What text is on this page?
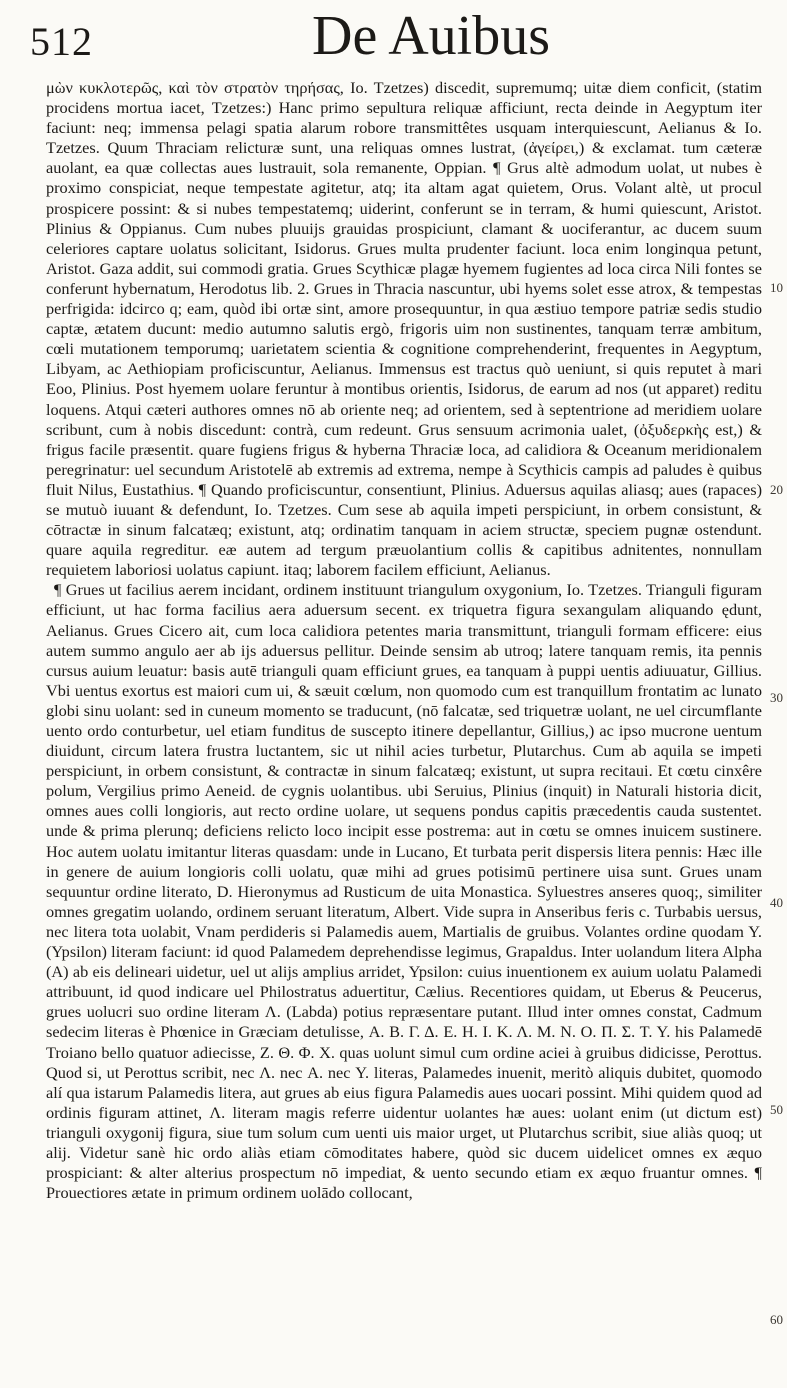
512	De Auibus

μὼν κυκλοτερῶς, καὶ τὸν στρατὸν τηρήσας, Io. Tzetzes) discedit, supremumq; uitæ diem conficit, (statim procidens mortua iacet, Tzetzes:) Hanc primo sepultura reliquæ afficiunt, recta deinde in Aegyptum iter faciunt: neq; immensa pelagi spatia alarum robore transmittêtes usquam interquiescunt, Aelianus & Io. Tzetzes. Quum Thraciam relicturæ sunt, una reliquas omnes lustrat, (ἀγείρει,) & exclamat. tum cæteræ auolant, ea quæ collectas aues lustrauit, sola remanente, Oppian. ¶ Grus altè admodum uolat, ut nubes è proximo conspiciat, neque tempestate agitetur, atq; ita altam agat quietem, Orus. Volant altè, ut procul prospicere possint: & si nubes tempestatemq; uiderint, conferunt se in terram, & humi quiescunt, Aristot. Plinius & Oppianus. Cum nubes pluuijs grauidas prospiciunt, clamant & uociferantur, ac ducem suum celeriores captare uolatus solicitant, Isidorus. Grues multa prudenter faciunt. loca enim longinqua petunt, Aristot. Gaza addit, sui commodi gratia. Grues Scythicæ plagæ hyemem fugientes ad loca circa Nili fontes se conferunt hybernatum, Herodotus lib. 2. Grues in Thracia nascuntur, ubi hyems solet esse atrox, & tempestas perfrigida: idcirco q; eam, quòd ibi ortæ sint, amore prosequuntur, in qua æstiuo tempore patriæ sedis studio captæ, ætatem ducunt: medio autumno salutis ergò, frigoris uim non sustinentes, tanquam terræ ambitum, cœli mutationem temporumq; uarietatem scientia & cognitione comprehenderint, frequentes in Aegyptum, Libyam, ac Aethiopiam proficiscuntur, Aelianus. Immensus est tractus quò ueniunt, si quis reputet à mari Eoo, Plinius. Post hyemem uolare feruntur à montibus orientis, Isidorus, de earum ad nos (ut apparet) reditu loquens. Atqui cæteri authores omnes nō ab oriente neq; ad orientem, sed à septentrione ad meridiem uolare scribunt, cum à nobis discedunt: contrà, cum redeunt. Grus sensuum acrimonia ualet, (ὀξυδερκὴς est,) & frigus facile præsentit. quare fugiens frigus & hyberna Thraciæ loca, ad calidiora & Oceanum meridionalem peregrinatur: uel secundum Aristotelē ab extremis ad extrema, nempe à Scythicis campis ad paludes è quibus fluit Nilus, Eustathius. ¶ Quando proficiscuntur, consentiunt, Plinius. Aduersus aquilas aliasq; aues (rapaces) se mutuò iuuant & defendunt, Io. Tzetzes. Cum sese ab aquila impeti perspiciunt, in orbem consistunt, & cōtractæ in sinum falcatæq; existunt, atq; ordinatim tanquam in aciem structæ, speciem pugnæ ostendunt. quare aquila regreditur. eæ autem ad tergum præuolantium collis & capitibus adnitentes, nonnullam requietem laboriosi uolatus capiunt. itaq; laborem facilem efficiunt, Aelianus.

¶ Grues ut facilius aerem incidant, ordinem instituunt triangulum oxygonium, Io. Tzetzes. Trianguli figuram efficiunt, ut hac forma facilius aera aduersum secent. ex triquetra figura sexangulam aliquando ędunt, Aelianus. Grues Cicero ait, cum loca calidiora petentes maria transmittunt, trianguli formam efficere: eius autem summo angulo aer ab ijs aduersus pellitur. Deinde sensim ab utroq; latere tanquam remis, ita pennis cursus auium leuatur: basis autē trianguli quam efficiunt grues, ea tanquam à puppi uentis adiuuatur, Gillius. Vbi uentus exortus est maiori cum ui, & sæuit cœlum, non quomodo cum est tranquillum frontatim ac lunato globi sinu uolant: sed in cuneum momento se traducunt, (nō falcatæ, sed triquetræ uolant, ne uel circumflante uento ordo conturbetur, uel etiam funditus de suscepto itinere depellantur, Gillius,) ac ipso mucrone uentum diuidunt, circum latera frustra luctantem, sic ut nihil acies turbetur, Plutarchus. Cum ab aquila se impeti perspiciunt, in orbem consistunt, & contractæ in sinum falcatæq; existunt, ut supra recitaui. Et cœtu cinxêre polum, Vergilius primo Aeneid. de cygnis uolantibus. ubi Seruius, Plinius (inquit) in Naturali historia dicit, omnes aues colli longioris, aut recto ordine uolare, ut sequens pondus capitis præcedentis cauda sustentet. unde & prima plerunq; deficiens relicto loco incipit esse postrema: aut in cœtu se omnes inuicem sustinere. Hoc autem uolatu imitantur literas quasdam: unde in Lucano, Et turbata perit dispersis litera pennis: Hæc ille in genere de auium longioris colli uolatu, quæ mihi ad grues potisimū pertinere uisa sunt. Grues unam sequuntur ordine literato, D. Hieronymus ad Rusticum de uita Monastica. Syluestres anseres quoq;, similiter omnes gregatim uolando, ordinem seruant literatum, Albert. Vide supra in Anseribus feris c. Turbabis uersus, nec litera tota uolabit, Vnam perdideris si Palamedis auem, Martialis de gruibus. Volantes ordine quodam Y. (Ypsilon) literam faciunt: id quod Palamedem deprehendisse legimus, Grapaldus. Inter uolandum litera Alpha (A) ab eis delineari uidetur, uel ut alijs amplius arridet, Ypsilon: cuius inuentionem ex auium uolatu Palamedi attribuunt, id quod indicare uel Philostratus aduertitur, Cælius. Recentiores quidam, ut Eberus & Peucerus, grues uolucri suo ordine literam Λ. (Labda) potius repræsentare putant. Illud inter omnes constat, Cadmum sedecim literas è Phœnice in Græciam detulisse, Α. Β. Γ. Δ. Ε. Η. Ι. Κ. Λ. Μ. Ν. Ο. Π. Σ. Τ. Υ. his Palamedē Troiano bello quatuor adiecisse, Ζ. Θ. Φ. Χ. quas uolunt simul cum ordine aciei à gruibus didicisse, Perottus. Quod si, ut Perottus scribit, nec Λ. nec Α. nec Υ. literas, Palamedes inuenit, meritò aliquis dubitet, quomodo alí qua istarum Palamedis litera, aut grues ab eius figura Palamedis aues uocari possint. Mihi quidem quod ad ordinis figuram attinet, Λ. literam magis referre uidentur uolantes hæ aues: uolant enim (ut dictum est) trianguli oxygonij figura, siue tum solum cum uenti uis maior urget, ut Plutarchus scribit, siue aliàs quoq; ut alij. Videtur sanè hic ordo aliàs etiam cōmoditates habere, quòd sic ducem uidelicet omnes ex æquo prospiciant: & alter alterius prospectum nō impediat, & uento secundo etiam ex æquo fruantur omnes. ¶ Prouectiores ætate in primum ordinem uolādo collocant,

10
20
30
40
50
60
